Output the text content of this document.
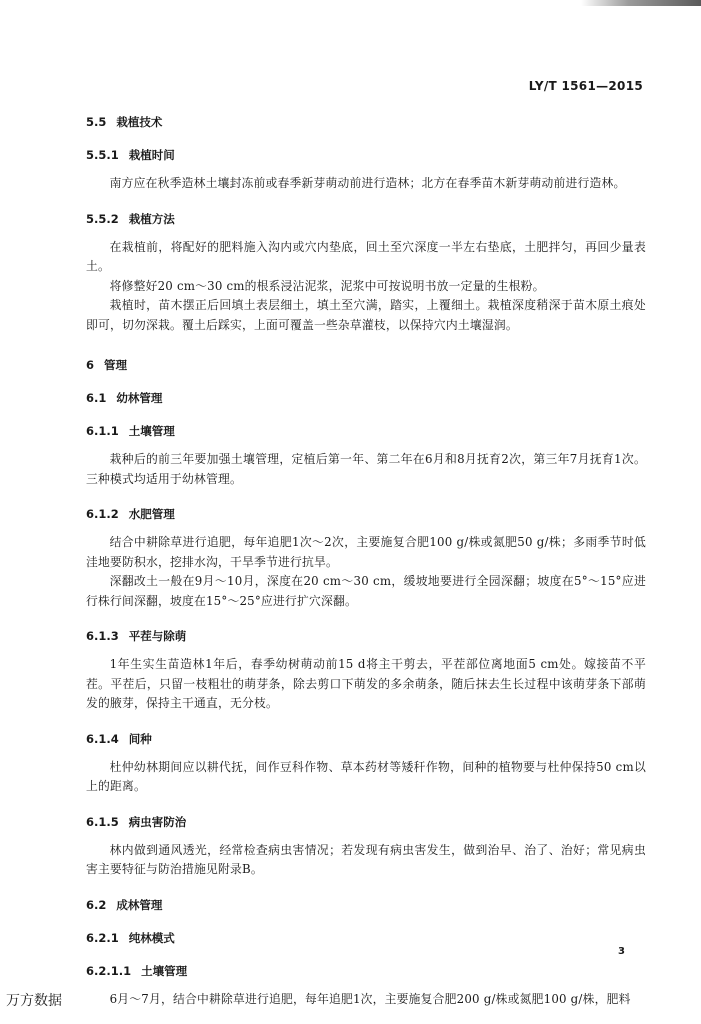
LY/T 1561—2015
5.5 栽植技术
5.5.1 栽植时间
南方应在秋季造林土壤封冻前或春季新芽萌动前进行造林；北方在春季苗木新芽萌动前进行造林。
5.5.2 栽植方法
在栽植前，将配好的肥料施入沟内或穴内垫底，回土至穴深度一半左右垫底，土肥拌匀，再回少量表土。
将修整好20 cm～30 cm的根系浸沾泥浆，泥浆中可按说明书放一定量的生根粉。
栽植时，苗木摆正后回填土表层细土，填土至穴满，踏实，上覆细土。栽植深度稍深于苗木原土痕处即可，切勿深栽。覆土后踩实，上面可覆盖一些杂草灌枝，以保持穴内土壤湿润。
6 管理
6.1 幼林管理
6.1.1 土壤管理
栽种后的前三年要加强土壤管理，定植后第一年、第二年在6月和8月抚育2次，第三年7月抚育1次。三种模式均适用于幼林管理。
6.1.2 水肥管理
结合中耕除草进行追肥，每年追肥1次～2次，主要施复合肥100 g/株或氮肥50 g/株；多雨季节时低洼地要防积水，挖排水沟，干旱季节进行抗旱。
深翻改土一般在9月～10月，深度在20 cm～30 cm，缓坡地要进行全园深翻；坡度在5°～15°应进行株行间深翻，坡度在15°～25°应进行扩穴深翻。
6.1.3 平茬与除萌
1年生实生苗造林1年后，春季幼树萌动前15 d将主干剪去，平茬部位离地面5 cm处。嫁接苗不平茬。平茬后，只留一枝粗壮的萌芽条，除去剪口下萌发的多余萌条，随后抹去生长过程中该萌芽条下部萌发的腋芽，保持主干通直，无分枝。
6.1.4 间种
杜仲幼林期间应以耕代抚，间作豆科作物、草本药材等矮秆作物，间种的植物要与杜仲保持50 cm以上的距离。
6.1.5 病虫害防治
林内做到通风透光，经常检查病虫害情况；若发现有病虫害发生，做到治早、治了、治好；常见病虫害主要特征与防治措施见附录B。
6.2 成林管理
6.2.1 纯林模式
6.2.1.1 土壤管理
6月～7月，结合中耕除草进行追肥，每年追肥1次，主要施复合肥200 g/株或氮肥100 g/株，肥料
3
万方数据
